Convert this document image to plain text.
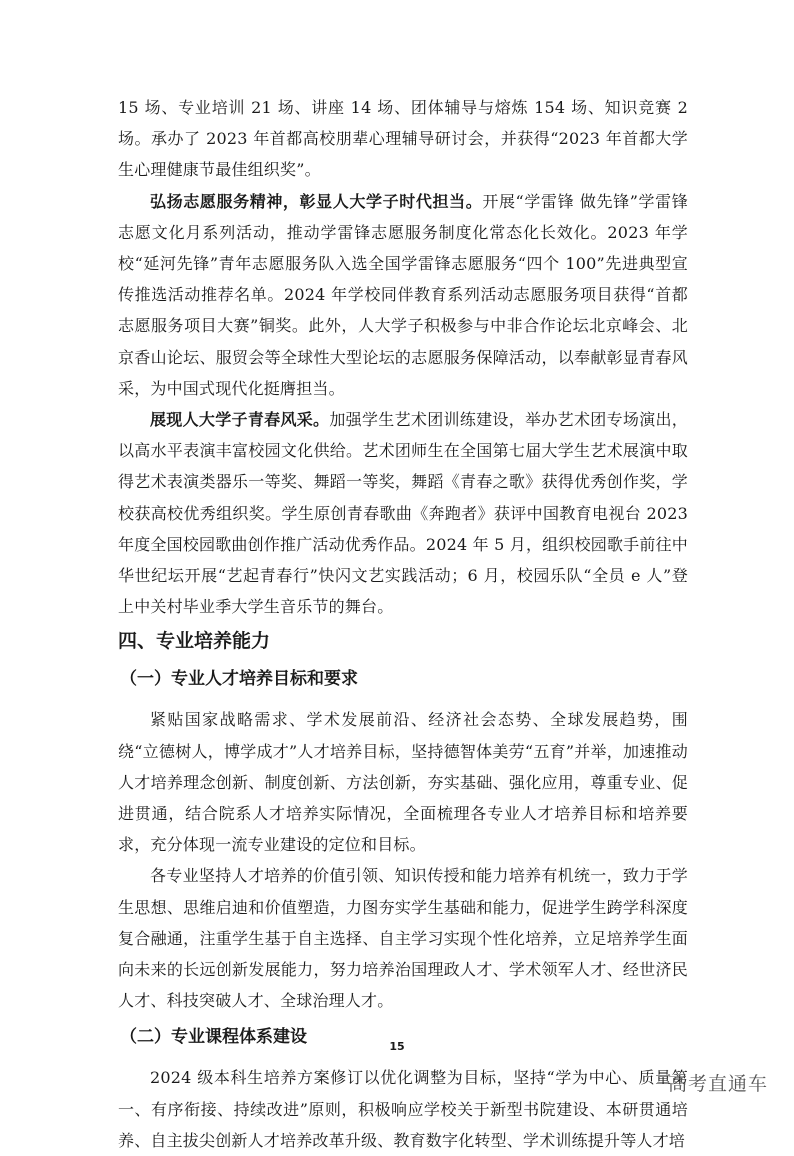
15 场、专业培训 21 场、讲座 14 场、团体辅导与熔炼 154 场、知识竞赛 2 场。承办了 2023 年首都高校朋辈心理辅导研讨会，并获得“2023 年首都大学生心理健康节最佳组织奖”。

弘扬志愿服务精神，彰显人大学子时代担当。开展“学雷锋 做先锋”学雷锋志愿文化月系列活动，推动学雷锋志愿服务制度化常态化长效化。2023 年学校“延河先锋”青年志愿服务队入选全国学雷锋志愿服务“四个 100”先进典型宣传推选活动推荐名单。2024 年学校同伴教育系列活动志愿服务项目获得“首都志愿服务项目大赛”铜奖。此外，人大学子积极参与中非合作论坛北京峰会、北京香山论坛、服贸会等全球性大型论坛的志愿服务保障活动，以奉献彰显青春风采，为中国式现代化挺膺担当。

展现人大学子青春风采。加强学生艺术团训练建设，举办艺术团专场演出，以高水平表演丰富校园文化供给。艺术团师生在全国第七届大学生艺术展演中取得艺术表演类器乐一等奖、舞蹈一等奖，舞蹈《青春之歌》获得优秀创作奖，学校获高校优秀组织奖。学生原创青春歌曲《奔跑者》获评中国教育电视台 2023 年度全国校园歌曲创作推广活动优秀作品。2024 年 5 月，组织校园歌手前往中华世纪坛开展“艺起青春行”快闪文艺实践活动；6 月，校园乐队“全员 e 人”登上中关村毕业季大学生音乐节的舞台。

四、专业培养能力
（一）专业人才培养目标和要求

紧贴国家战略需求、学术发展前沿、经济社会态势、全球发展趋势，围绕“立德树人，博学成才”人才培养目标，坚持德智体美劳“五育”并举，加速推动人才培养理念创新、制度创新、方法创新，夯实基础、强化应用，尊重专业、促进贯通，结合院系人才培养实际情况，全面梳理各专业人才培养目标和培养要求，充分体现一流专业建设的定位和目标。

各专业坚持人才培养的价值引领、知识传授和能力培养有机统一，致力于学生思想、思维启迪和价值塑造，力图夯实学生基础和能力，促进学生跨学科深度复合融通，注重学生基于自主选择、自主学习实现个性化培养，立足培养学生面向未来的长远创新发展能力，努力培养治国理政人才、学术领军人才、经世济民人才、科技突破人才、全球治理人才。

（二）专业课程体系建设

2024 级本科生培养方案修订以优化调整为目标，坚持“学为中心、质量第一、有序衔接、持续改进”原则，积极响应学校关于新型书院建设、本研贯通培养、自主拔尖创新人才培养改革升级、教育数字化转型、学术训练提升等人才培

15
高考直通车
